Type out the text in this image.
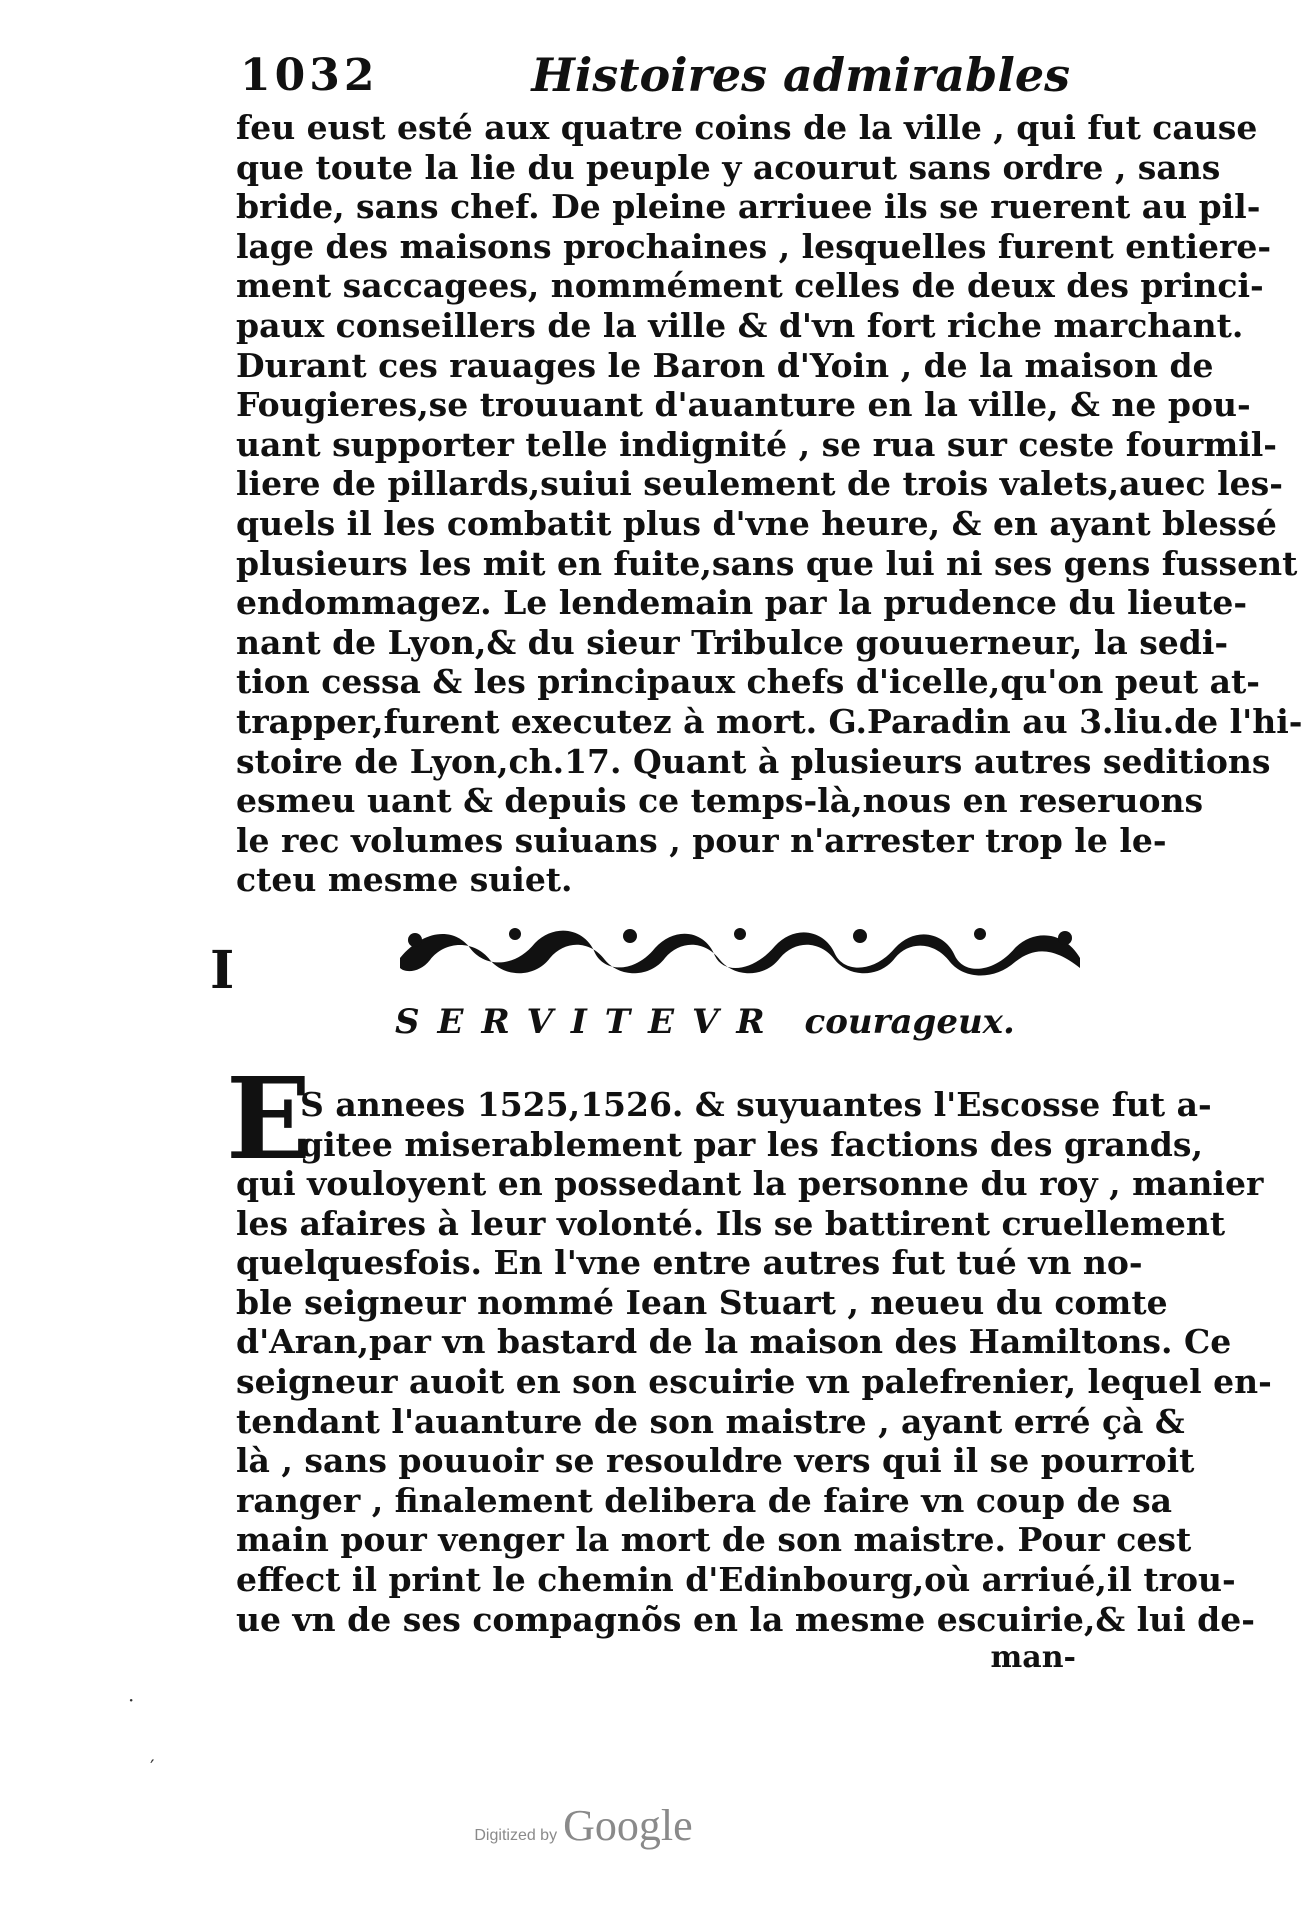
1032	Histoires admirables
feu eust esté aux quatre coins de la ville , qui fut cause
que toute la lie du peuple y acourut sans ordre , sans
bride, sans chef. De pleine arriuee ils se ruerent au pil-
lage des maisons prochaines , lesquelles furent entiere-
ment saccagees, nommément celles de deux des princi-
paux conseillers de la ville & d'vn fort riche marchant.
Durant ces rauages le Baron d'Yoin , de la maison de
Fougieres,se trouuant d'auanture en la ville, & ne pou-
uant supporter telle indignité , se rua sur ceste fourmil-
liere de pillards,suiui seulement de trois valets,auec les-
quels il les combatit plus d'vne heure, & en ayant blessé
plusieurs les mit en fuite,sans que lui ni ses gens fussent
endommagez. Le lendemain par la prudence du lieute-
nant de Lyon,& du sieur Tribulce gouuerneur, la sedi-
tion cessa & les principaux chefs d'icelle,qu'on peut at-
trapper,furent executez à mort. G.Paradin au 3.liu.de l'hi-
stoire de Lyon,ch.17. Quant à plusieurs autres seditions
esmeu uant & depuis ce temps-là,nous en reseruons
le rec volumes suiuans , pour n'arrester trop le le-
cteu mesme suiet.
I
SERVITEVR courageux.
E
S annees 1525,1526. & suyuantes l'Escosse fut a-
gitee miserablement par les factions des grands,
qui vouloyent en possedant la personne du roy , manier
les afaires à leur volonté. Ils se battirent cruellement
quelquesfois. En l'vne entre autres fut tué vn no-
ble seigneur nommé Iean Stuart , neueu du comte
d'Aran,par vn bastard de la maison des Hamiltons. Ce
seigneur auoit en son escuirie vn palefrenier, lequel en-
tendant l'auanture de son maistre , ayant erré çà &
là , sans pouuoir se resouldre vers qui il se pourroit
ranger , finalement delibera de faire vn coup de sa
main pour venger la mort de son maistre. Pour cest
effect il print le chemin d'Edinbourg,où arriué,il trou-
ue vn de ses compagnõs en la mesme escuirie,& lui de-
man-
·
′
Digitized by Google
